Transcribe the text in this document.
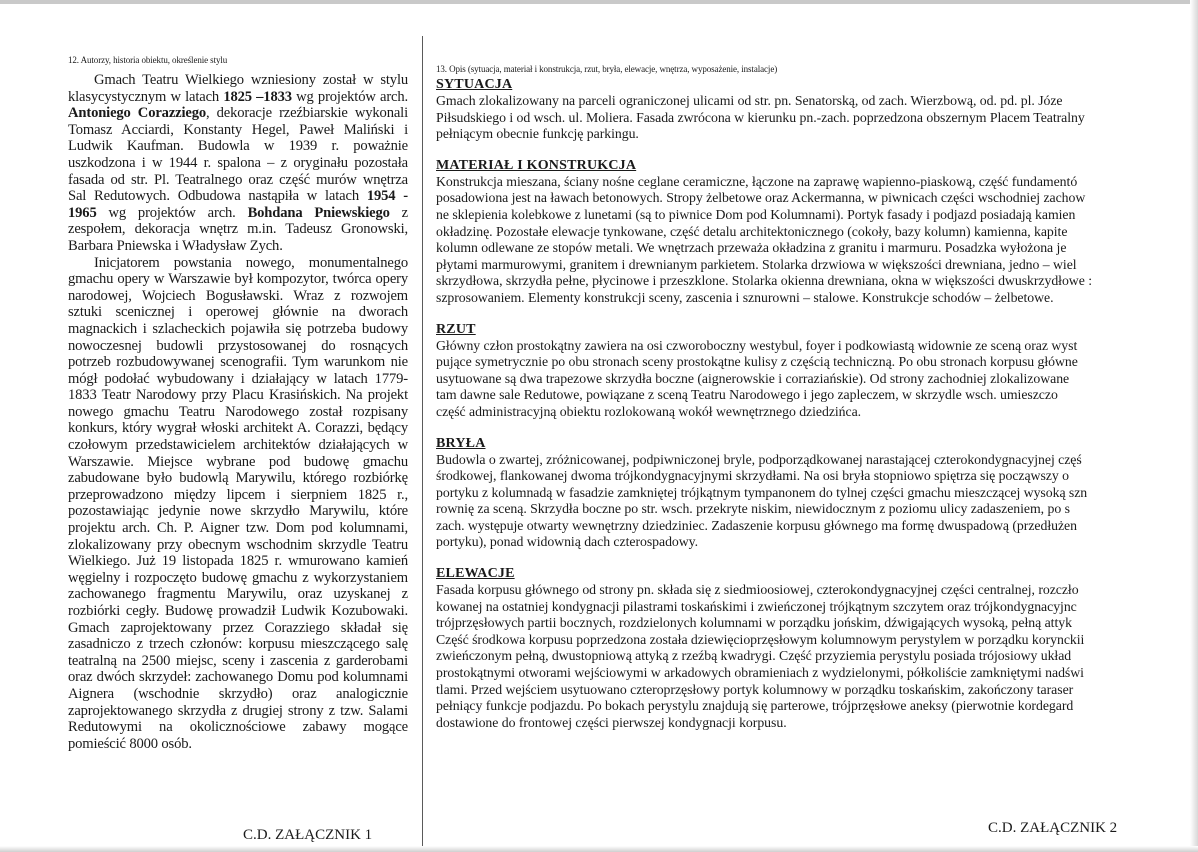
12. Autorzy, historia obiektu, określenie stylu

Gmach Teatru Wielkiego wzniesiony został w stylu klasycystycznym w latach 1825 –1833 wg projektów arch. Antoniego Corazziego, dekoracje rzeźbiarskie wykonali Tomasz Acciardi, Konstanty Hegel, Paweł Maliński i Ludwik Kaufman. Budowla w 1939 r. poważnie uszkodzona i w 1944 r. spalona – z oryginału pozostała fasada od str. Pl. Teatralnego oraz część murów wnętrza Sal Redutowych. Odbudowa nastąpiła w latach 1954 - 1965 wg projektów arch. Bohdana Pniewskiego z zespołem, dekoracja wnętrz m.in. Tadeusz Gronowski, Barbara Pniewska i Władysław Zych.

Inicjatorem powstania nowego, monumentalnego gmachu opery w Warszawie był kompozytor, twórca opery narodowej, Wojciech Bogusławski. Wraz z rozwojem sztuki scenicznej i operowej głównie na dworach magnackich i szlacheckich pojawiła się potrzeba budowy nowoczesnej budowli przystosowanej do rosnących potrzeb rozbudowywanej scenografii. Tym warunkom nie mógł podołać wybudowany i działający w latach 1779-1833 Teatr Narodowy przy Placu Krasińskich. Na projekt nowego gmachu Teatru Narodowego został rozpisany konkurs, który wygrał włoski architekt A. Corazzi, będący czołowym przedstawicielem architektów działających w Warszawie. Miejsce wybrane pod budowę gmachu zabudowane było budowlą Marywilu, którego rozbiórkę przeprowadzono między lipcem i sierpniem 1825 r., pozostawiając jedynie nowe skrzydło Marywilu, które projektu arch. Ch. P. Aigner tzw. Dom pod kolumnami, zlokalizowany przy obecnym wschodnim skrzydle Teatru Wielkiego. Już 19 listopada 1825 r. wmurowano kamień węgielny i rozpoczęto budowę gmachu z wykorzystaniem zachowanego fragmentu Marywilu, oraz uzyskanej z rozbiórki cegły. Budowę prowadził Ludwik Kozubowaki. Gmach zaprojektowany przez Corazziego składał się zasadniczo z trzech członów: korpusu mieszczącego salę teatralną na 2500 miejsc, sceny i zascenia z garderobami oraz dwóch skrzydeł: zachowanego Domu pod kolumnami Aignera (wschodnie skrzydło) oraz analogicznie zaprojektowanego skrzydła z drugiej strony z tzw. Salami Redutowymi na okolicznościowe zabawy mogące pomieścić 8000 osób.

13. Opis (sytuacja, materiał i konstrukcja, rzut, bryła, elewacje, wnętrza, wyposażenie, instalacje)
SYTUACJA
Gmach zlokalizowany na parceli ograniczonej ulicami od str. pn. Senatorską, od zach. Wierzbową, od. pd. pl. Józe
Piłsudskiego i od wsch. ul. Moliera. Fasada zwrócona w kierunku pn.-zach. poprzedzona obszernym Placem Teatralny
pełniącym obecnie funkcję parkingu.
MATERIAŁ I KONSTRUKCJA
Konstrukcja mieszana, ściany nośne ceglane ceramiczne, łączone na zaprawę wapienno-piaskową, część fundamentó
posadowiona jest na ławach betonowych. Stropy żelbetowe oraz Ackermanna, w piwnicach części wschodniej zachow
ne sklepienia kolebkowe z lunetami (są to piwnice Dom pod Kolumnami). Portyk fasady i podjazd posiadają kamien
okładzinę. Pozostałe elewacje tynkowane, część detalu architektonicznego (cokoły, bazy kolumn) kamienna, kapite
kolumn odlewane ze stopów metali. We wnętrzach przeważa okładzina z granitu i marmuru. Posadzka wyłożona je
płytami marmurowymi, granitem i drewnianym parkietem. Stolarka drzwiowa w większości drewniana, jedno – wiel
skrzydłowa, skrzydła pełne, płycinowe i przeszklone. Stolarka okienna drewniana, okna w większości dwuskrzydłowe :
szprosowaniem. Elementy konstrukcji sceny, zascenia i sznurowni – stalowe. Konstrukcje schodów – żelbetowe.
RZUT
Główny człon prostokątny zawiera na osi czworoboczny westybul, foyer i podkowiastą widownie ze sceną oraz wyst
pujące symetrycznie po obu stronach sceny prostokątne kulisy z częścią techniczną. Po obu stronach korpusu główne
usytuowane są dwa trapezowe skrzydła boczne (aignerowskie i corraziańskie). Od strony zachodniej zlokalizowane
tam dawne sale Redutowe, powiązane z sceną Teatru Narodowego i jego zapleczem, w skrzydle wsch. umieszczo
część administracyjną obiektu rozlokowaną wokół wewnętrznego dziedzińca.
BRYŁA
Budowla o zwartej, zróżnicowanej, podpiwniczonej bryle, podporządkowanej narastającej czterokondygnacyjnej częś
środkowej, flankowanej dwoma trójkondygnacyjnymi skrzydłami. Na osi bryła stopniowo spiętrza się począwszy o
portyku z kolumnadą w fasadzie zamkniętej trójkątnym tympanonem do tylnej części gmachu mieszczącej wysoką szn
rownię za sceną. Skrzydła boczne po str. wsch. przekryte niskim, niewidocznym z poziomu ulicy zadaszeniem, po s
zach. występuje otwarty wewnętrzny dziedziniec. Zadaszenie korpusu głównego ma formę dwuspadową (przedłużen
portyku), ponad widownią dach czterospadowy.
ELEWACJE
Fasada korpusu głównego od strony pn. składa się z siedmioosiowej, czterokondygnacyjnej części centralnej, rozczło
kowanej na ostatniej kondygnacji pilastrami toskańskimi i zwieńczonej trójkątnym szczytem oraz trójkondygnacyjnc
trójprzęsłowych partii bocznych, rozdzielonych kolumnami w porządku jońskim, dźwigających wysoką, pełną attyk
Część środkowa korpusu poprzedzona została dziewięcioprzęsłowym kolumnowym perystylem w porządku korynckii
zwieńczonym pełną, dwustopniową attyką z rzeźbą kwadrygi. Część przyziemia perystylu posiada trójosiowy układ
prostokątnymi otworami wejściowymi w arkadowych obramieniach z wydzielonymi, półkoliście zamkniętymi nadświ
tlami. Przed wejściem usytuowano czteroprzęsłowy portyk kolumnowy w porządku toskańskim, zakończony taraser
pełniący funkcje podjazdu. Po bokach perystylu znajdują się parterowe, trójprzęsłowe aneksy (pierwotnie kordegard
dostawione do frontowej części pierwszej kondygnacji korpusu.
C.D. ZAŁĄCZNIK 1	C.D. ZAŁĄCZNIK 2
